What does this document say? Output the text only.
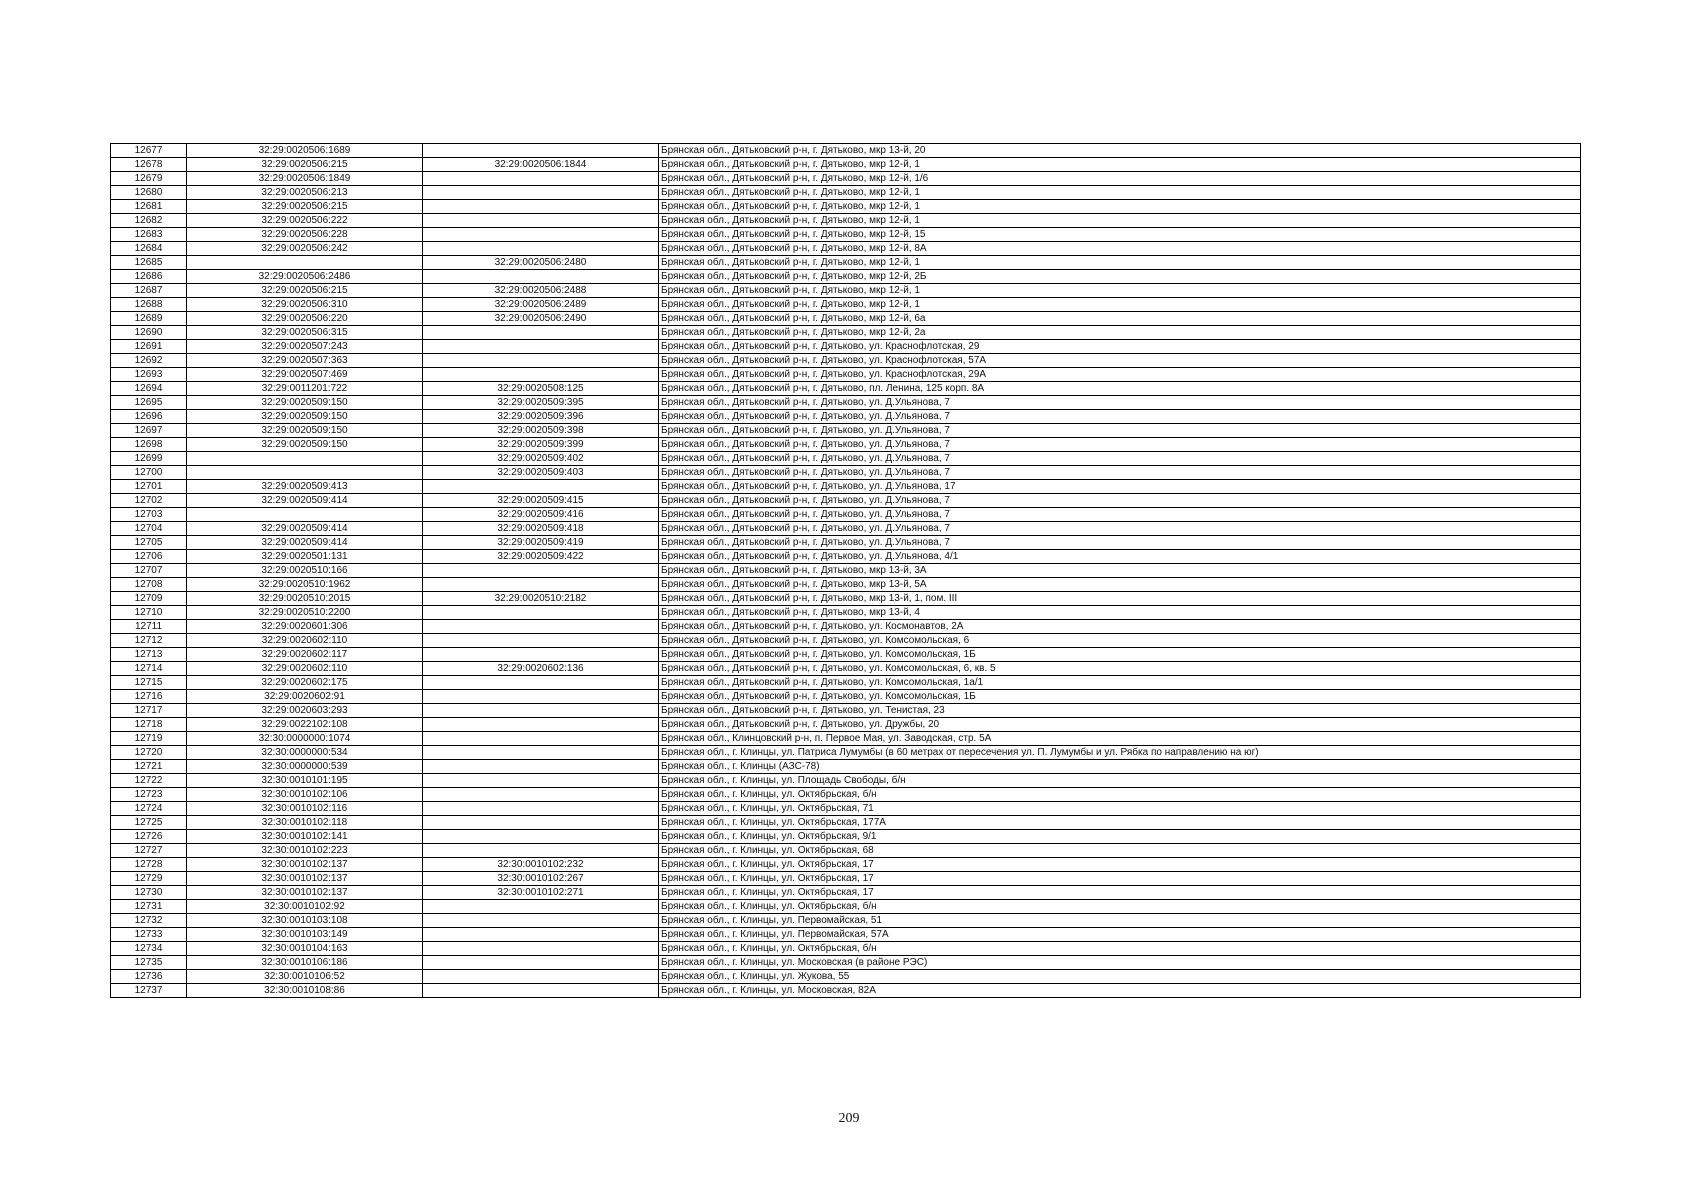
12677	32:29:0020506:1689		Брянская обл., Дятьковский р-н, г. Дятьково, мкр 13-й, 20
12678	32:29:0020506:215	32:29:0020506:1844	Брянская обл., Дятьковский р-н, г. Дятьково, мкр 12-й, 1
12679	32:29:0020506:1849		Брянская обл., Дятьковский р-н, г. Дятьково, мкр 12-й, 1/6
12680	32:29:0020506:213		Брянская обл., Дятьковский р-н, г. Дятьково, мкр 12-й, 1
12681	32:29:0020506:215		Брянская обл., Дятьковский р-н, г. Дятьково, мкр 12-й, 1
12682	32:29:0020506:222		Брянская обл., Дятьковский р-н, г. Дятьково, мкр 12-й, 1
12683	32:29:0020506:228		Брянская обл., Дятьковский р-н, г. Дятьково, мкр 12-й, 15
12684	32:29:0020506:242		Брянская обл., Дятьковский р-н, г. Дятьково, мкр 12-й, 8А
12685		32:29:0020506:2480	Брянская обл., Дятьковский р-н, г. Дятьково, мкр 12-й, 1
12686	32:29:0020506:2486		Брянская обл., Дятьковский р-н, г. Дятьково, мкр 12-й, 2Б
12687	32:29:0020506:215	32:29:0020506:2488	Брянская обл., Дятьковский р-н, г. Дятьково, мкр 12-й, 1
12688	32:29:0020506:310	32:29:0020506:2489	Брянская обл., Дятьковский р-н, г. Дятьково, мкр 12-й, 1
12689	32:29:0020506:220	32:29:0020506:2490	Брянская обл., Дятьковский р-н, г. Дятьково, мкр 12-й, 6а
12690	32:29:0020506:315		Брянская обл., Дятьковский р-н, г. Дятьково, мкр 12-й, 2а
12691	32:29:0020507:243		Брянская обл., Дятьковский р-н, г. Дятьково, ул. Краснофлотская, 29
12692	32:29:0020507:363		Брянская обл., Дятьковский р-н, г. Дятьково, ул. Краснофлотская, 57А
12693	32:29:0020507:469		Брянская обл., Дятьковский р-н, г. Дятьково, ул. Краснофлотская, 29А
12694	32:29:0011201:722	32:29:0020508:125	Брянская обл., Дятьковский р-н, г. Дятьково, пл. Ленина, 125 корп. 8А
12695	32:29:0020509:150	32:29:0020509:395	Брянская обл., Дятьковский р-н, г. Дятьково, ул. Д.Ульянова, 7
12696	32:29:0020509:150	32:29:0020509:396	Брянская обл., Дятьковский р-н, г. Дятьково, ул. Д.Ульянова, 7
12697	32:29:0020509:150	32:29:0020509:398	Брянская обл., Дятьковский р-н, г. Дятьково, ул. Д.Ульянова, 7
12698	32:29:0020509:150	32:29:0020509:399	Брянская обл., Дятьковский р-н, г. Дятьково, ул. Д.Ульянова, 7
12699		32:29:0020509:402	Брянская обл., Дятьковский р-н, г. Дятьково, ул. Д.Ульянова, 7
12700		32:29:0020509:403	Брянская обл., Дятьковский р-н, г. Дятьково, ул. Д.Ульянова, 7
12701	32:29:0020509:413		Брянская обл., Дятьковский р-н, г. Дятьково, ул. Д.Ульянова, 17
12702	32:29:0020509:414	32:29:0020509:415	Брянская обл., Дятьковский р-н, г. Дятьково, ул. Д.Ульянова, 7
12703		32:29:0020509:416	Брянская обл., Дятьковский р-н, г. Дятьково, ул. Д.Ульянова, 7
12704	32:29:0020509:414	32:29:0020509:418	Брянская обл., Дятьковский р-н, г. Дятьково, ул. Д.Ульянова, 7
12705	32:29:0020509:414	32:29:0020509:419	Брянская обл., Дятьковский р-н, г. Дятьково, ул. Д.Ульянова, 7
12706	32:29:0020501:131	32:29:0020509:422	Брянская обл., Дятьковский р-н, г. Дятьково, ул. Д.Ульянова, 4/1
12707	32:29:0020510:166		Брянская обл., Дятьковский р-н, г. Дятьково, мкр 13-й, 3А
12708	32:29:0020510:1962		Брянская обл., Дятьковский р-н, г. Дятьково, мкр 13-й, 5А
12709	32:29:0020510:2015	32:29:0020510:2182	Брянская обл., Дятьковский р-н, г. Дятьково, мкр 13-й, 1, пом. III
12710	32:29:0020510:2200		Брянская обл., Дятьковский р-н, г. Дятьково, мкр 13-й, 4
12711	32:29:0020601:306		Брянская обл., Дятьковский р-н, г. Дятьково, ул. Космонавтов, 2А
12712	32:29:0020602:110		Брянская обл., Дятьковский р-н, г. Дятьково, ул. Комсомольская, 6
12713	32:29:0020602:117		Брянская обл., Дятьковский р-н, г. Дятьково, ул. Комсомольская, 1Б
12714	32:29:0020602:110	32:29:0020602:136	Брянская обл., Дятьковский р-н, г. Дятьково, ул. Комсомольская, 6, кв. 5
12715	32:29:0020602:175		Брянская обл., Дятьковский р-н, г. Дятьково, ул. Комсомольская, 1а/1
12716	32:29:0020602:91		Брянская обл., Дятьковский р-н, г. Дятьково, ул. Комсомольская, 1Б
12717	32:29:0020603:293		Брянская обл., Дятьковский р-н, г. Дятьково, ул. Тенистая, 23
12718	32:29:0022102:108		Брянская обл., Дятьковский р-н, г. Дятьково, ул. Дружбы, 20
12719	32:30:0000000:1074		Брянская обл., Клинцовский р-н, п. Первое Мая, ул. Заводская, стр. 5А
12720	32:30:0000000:534		Брянская обл., г. Клинцы, ул. Патриса Лумумбы (в 60 метрах от пересечения ул. П. Лумумбы и ул. Рябка по направлению на юг)
12721	32:30:0000000:539		Брянская обл., г. Клинцы (АЗС-78)
12722	32:30:0010101:195		Брянская обл., г. Клинцы, ул. Площадь Свободы, б/н
12723	32:30:0010102:106		Брянская обл., г. Клинцы, ул. Октябрьская, б/н
12724	32:30:0010102:116		Брянская обл., г. Клинцы, ул. Октябрьская, 71
12725	32:30:0010102:118		Брянская обл., г. Клинцы, ул. Октябрьская, 177А
12726	32:30:0010102:141		Брянская обл., г. Клинцы, ул. Октябрьская, 9/1
12727	32:30:0010102:223		Брянская обл., г. Клинцы, ул. Октябрьская, 68
12728	32:30:0010102:137	32:30:0010102:232	Брянская обл., г. Клинцы, ул. Октябрьская, 17
12729	32:30:0010102:137	32:30:0010102:267	Брянская обл., г. Клинцы, ул. Октябрьская, 17
12730	32:30:0010102:137	32:30:0010102:271	Брянская обл., г. Клинцы, ул. Октябрьская, 17
12731	32:30:0010102:92		Брянская обл., г. Клинцы, ул. Октябрьская, б/н
12732	32:30:0010103:108		Брянская обл., г. Клинцы, ул. Первомайская, 51
12733	32:30:0010103:149		Брянская обл., г. Клинцы, ул. Первомайская, 57А
12734	32:30:0010104:163		Брянская обл., г. Клинцы, ул. Октябрьская, б/н
12735	32:30:0010106:186		Брянская обл., г. Клинцы, ул. Московская (в районе РЭС)
12736	32:30:0010106:52		Брянская обл., г. Клинцы, ул. Жукова, 55
12737	32:30:0010108:86		Брянская обл., г. Клинцы, ул. Московская, 82А
209
